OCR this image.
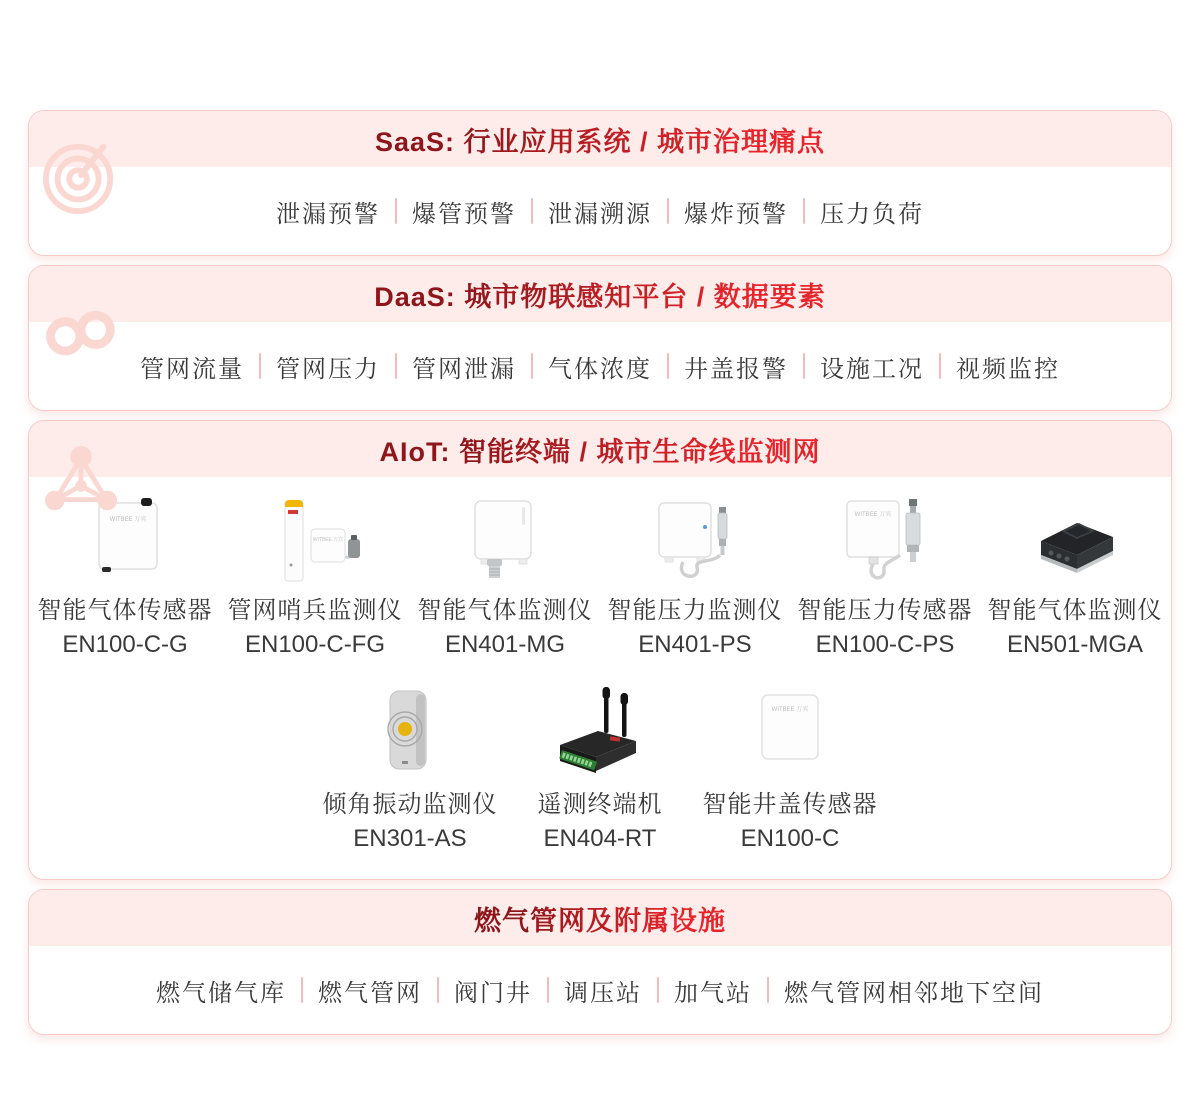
SaaS: 行业应用系统 / 城市治理痛点
泄漏预警 爆管预警 泄漏溯源 爆炸预警 压力负荷
DaaS: 城市物联感知平台 / 数据要素
管网流量 管网压力 管网泄漏 气体浓度 井盖报警 设施工况 视频监控
AIoT: 智能终端 / 城市生命线监测网
WITBEE 万宾
智能气体传感器
EN100-C-G
WITBEE 万宾
管网哨兵监测仪
EN100-C-FG
智能气体监测仪
EN401-MG
智能压力监测仪
EN401-PS
WITBEE 万宾
智能压力传感器
EN100-C-PS
智能气体监测仪
EN501-MGA
倾角振动监测仪
EN301-AS
遥测终端机
EN404-RT
WITBEE 万宾
智能井盖传感器
EN100-C
燃气管网及附属设施
燃气储气库 燃气管网 阀门井 调压站 加气站 燃气管网相邻地下空间
